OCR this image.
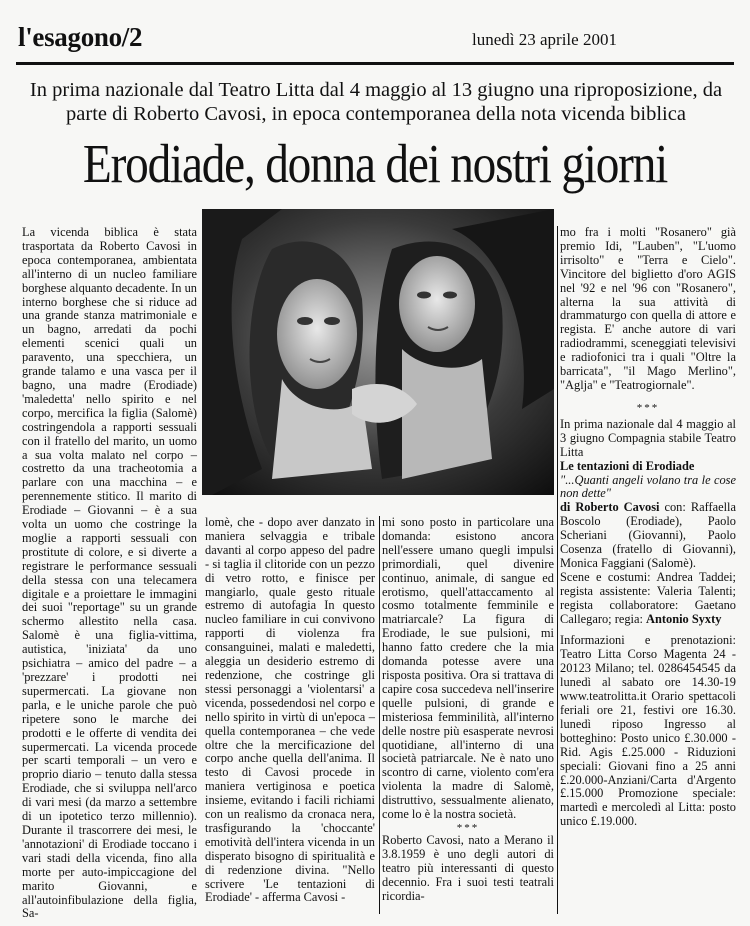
l'esagono/2	lunedì 23 aprile 2001
In prima nazionale dal Teatro Litta dal 4 maggio al 13 giugno una riproposizione, da parte di Roberto Cavosi, in epoca contemporanea della nota vicenda biblica
Erodiade, donna dei nostri giorni

La vicenda biblica è stata trasportata da Roberto Cavosi in epoca contemporanea, ambientata all'interno di un nucleo familiare borghese alquanto decadente. In un interno borghese che si riduce ad una grande stanza matrimoniale e un bagno, arredati da pochi elementi scenici quali un paravento, una specchiera, un grande talamo e una vasca per il bagno, una madre (Erodiade) 'maledetta' nello spirito e nel corpo, mercifica la figlia (Salomè) costringendola a rapporti sessuali con il fratello del marito, un uomo a sua volta malato nel corpo – costretto da una tracheotomia a parlare con una macchina – e perennemente stitico. Il marito di Erodiade – Giovanni – è a sua volta un uomo che costringe la moglie a rapporti sessuali con prostitute di colore, e si diverte a registrare le performance sessuali della stessa con una telecamera digitale e a proiettare le immagini dei suoi "reportage" su un grande schermo allestito nella casa. Salomè è una figlia-vittima, autistica, 'iniziata' da uno psichiatra – amico del padre – a 'prezzare' i prodotti nei supermercati. La giovane non parla, e le uniche parole che può ripetere sono le marche dei prodotti e le offerte di vendita dei supermercati. La vicenda procede per scarti temporali – un vero e proprio diario – tenuto dalla stessa Erodiade, che si sviluppa nell'arco di vari mesi (da marzo a settembre di un ipotetico terzo millennio). Durante il trascorrere dei mesi, le 'annotazioni' di Erodiade toccano i vari stadi della vicenda, fino alla morte per auto-impiccagione del marito Giovanni, e all'autoinfibulazione della figlia, Sa-

lomè, che - dopo aver danzato in maniera selvaggia e tribale davanti al corpo appeso del padre - si taglia il clitoride con un pezzo di vetro rotto, e finisce per mangiarlo, quale gesto rituale estremo di autofagia In questo nucleo familiare in cui convivono rapporti di violenza fra consanguinei, malati e maledetti, aleggia un desiderio estremo di redenzione, che costringe gli stessi personaggi a 'violentarsi' a vicenda, possedendosi nel corpo e nello spirito in virtù di un'epoca – quella contemporanea – che vede oltre che la mercificazione del corpo anche quella dell'anima. Il testo di Cavosi procede in maniera vertiginosa e poetica insieme, evitando i facili richiami con un realismo da cronaca nera, trasfigurando la 'choccante' emotività dell'intera vicenda in un disperato bisogno di spiritualità e di redenzione divina. "Nello scrivere 'Le tentazioni di Erodiade' - afferma Cavosi -

mi sono posto in particolare una domanda: esistono ancora nell'essere umano quegli impulsi primordiali, quel divenire continuo, animale, di sangue ed erotismo, quell'attaccamento al cosmo totalmente femminile e matriarcale? La figura di Erodiade, le sue pulsioni, mi hanno fatto credere che la mia domanda potesse avere una risposta positiva. Ora si trattava di capire cosa succedeva nell'inserire quelle pulsioni, di grande e misteriosa femminilità, all'interno delle nostre più esasperate nevrosi quotidiane, all'interno di una società patriarcale. Ne è nato uno scontro di carne, violento com'era violenta la madre di Salomè, distruttivo, sessualmente alienato, come lo è la nostra società.

***

Roberto Cavosi, nato a Merano il 3.8.1959 è uno degli autori di teatro più interessanti di questo decennio. Fra i suoi testi teatrali ricordia-

mo fra i molti "Rosanero" già premio Idi, "Lauben", "L'uomo irrisolto" e "Terra e Cielo". Vincitore del biglietto d'oro AGIS nel '92 e nel '96 con "Rosanero", alterna la sua attività di drammaturgo con quella di attore e regista. E' anche autore di vari radiodrammi, sceneggiati televisivi e radiofonici tra i quali "Oltre la barricata", "il Mago Merlino", "Aglja" e "Teatrogiornale".

***

In prima nazionale dal 4 maggio al 3 giugno Compagnia stabile Teatro Litta

Le tentazioni di Erodiade

"...Quanti angeli volano tra le cose non dette"

di Roberto Cavosi con: Raffaella Boscolo (Erodiade), Paolo Scheriani (Giovanni), Paolo Cosenza (fratello di Giovanni), Monica Faggiani (Salomè).

Scene e costumi: Andrea Taddei; regista assistente: Valeria Talenti; regista collaboratore: Gaetano Callegaro; regia: Antonio Syxty

Informazioni e prenotazioni: Teatro Litta Corso Magenta 24 - 20123 Milano; tel. 0286454545 da lunedì al sabato ore 14.30-19 www.teatrolitta.it Orario spettacoli feriali ore 21, festivi ore 16.30. lunedì riposo Ingresso al botteghino: Posto unico £.30.000 - Rid. Agis £.25.000 - Riduzioni speciali: Giovani fino a 25 anni £.20.000-Anziani/Carta d'Argento £.15.000 Promozione speciale: martedì e mercoledì al Litta: posto unico £.19.000.
